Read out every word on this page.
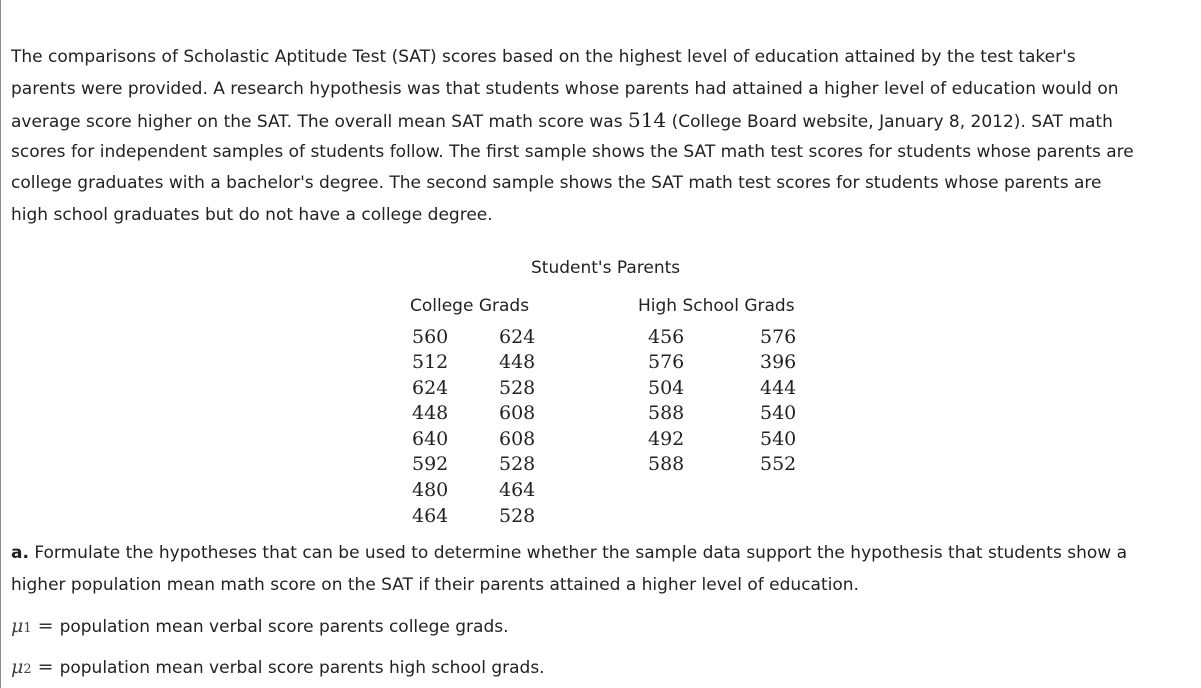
The comparisons of Scholastic Aptitude Test (SAT) scores based on the highest level of education attained by the test taker's
parents were provided. A research hypothesis was that students whose parents had attained a higher level of education would on
average score higher on the SAT. The overall mean SAT math score was 514 (College Board website, January 8, 2012). SAT math
scores for independent samples of students follow. The first sample shows the SAT math test scores for students whose parents are
college graduates with a bachelor's degree. The second sample shows the SAT math test scores for students whose parents are
high school graduates but do not have a college degree.
Student's Parents
College Grads	High School Grads
560
512
624
448
640
592
480
464
624
448
528
608
608
528
464
528
456
576
504
588
492
588
576
396
444
540
540
552
a. Formulate the hypotheses that can be used to determine whether the sample data support the hypothesis that students show a
higher population mean math score on the SAT if their parents attained a higher level of education.
μ1 = population mean verbal score parents college grads.
μ2 = population mean verbal score parents high school grads.
